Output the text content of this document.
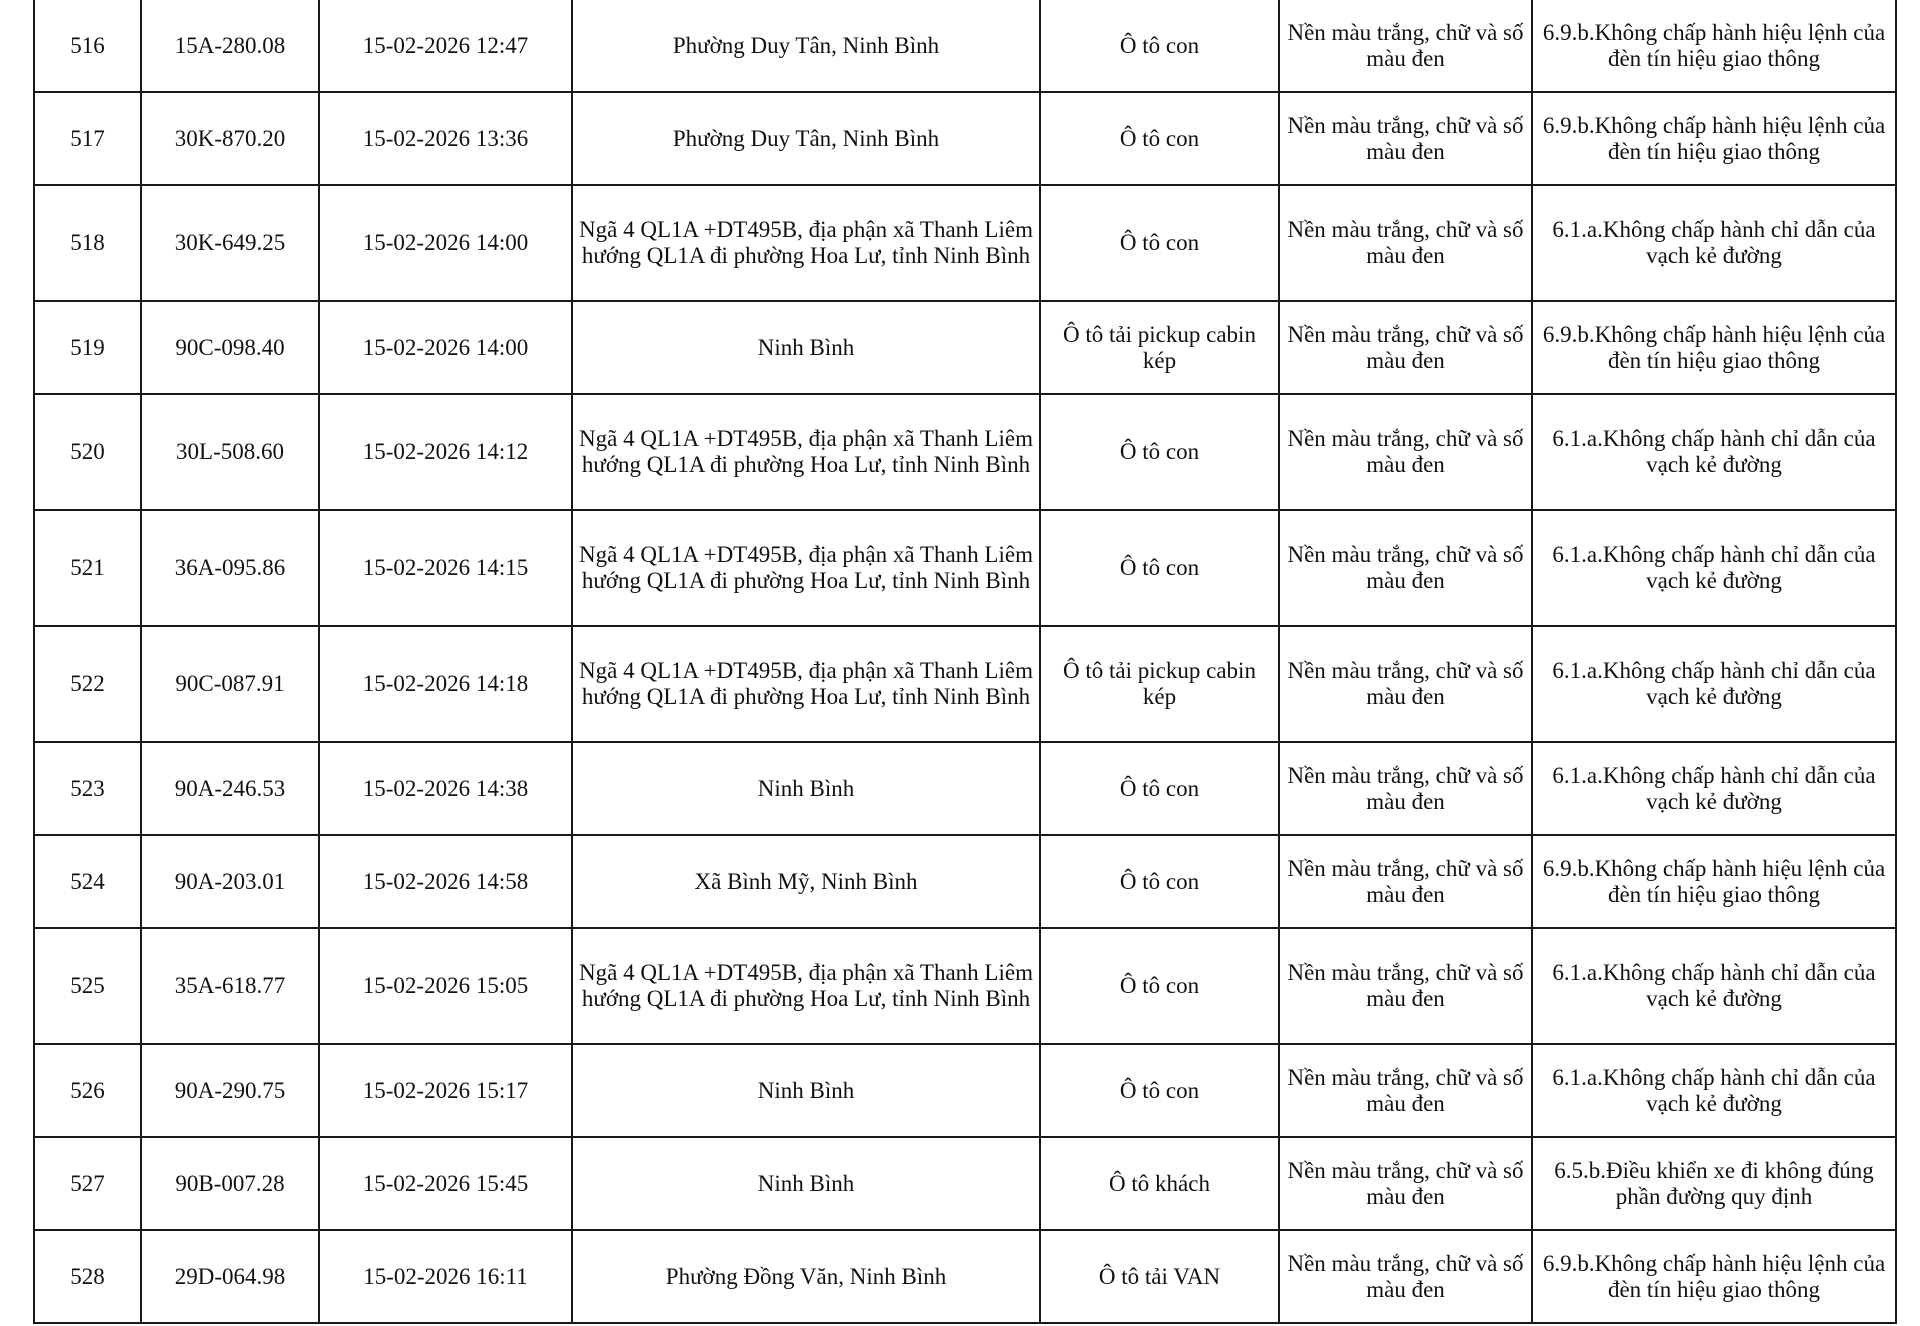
516	15A-280.08	15-02-2026 12:47	Phường Duy Tân, Ninh Bình	Ô tô con	Nền màu trắng, chữ và số màu đen	6.9.b.Không chấp hành hiệu lệnh của đèn tín hiệu giao thông
517	30K-870.20	15-02-2026 13:36	Phường Duy Tân, Ninh Bình	Ô tô con	Nền màu trắng, chữ và số màu đen	6.9.b.Không chấp hành hiệu lệnh của đèn tín hiệu giao thông
518	30K-649.25	15-02-2026 14:00	Ngã 4 QL1A +DT495B, địa phận xã Thanh Liêm hướng QL1A đi phường Hoa Lư, tỉnh Ninh Bình	Ô tô con	Nền màu trắng, chữ và số màu đen	6.1.a.Không chấp hành chỉ dẫn của vạch kẻ đường
519	90C-098.40	15-02-2026 14:00	Ninh Bình	Ô tô tải pickup cabin kép	Nền màu trắng, chữ và số màu đen	6.9.b.Không chấp hành hiệu lệnh của đèn tín hiệu giao thông
520	30L-508.60	15-02-2026 14:12	Ngã 4 QL1A +DT495B, địa phận xã Thanh Liêm hướng QL1A đi phường Hoa Lư, tỉnh Ninh Bình	Ô tô con	Nền màu trắng, chữ và số màu đen	6.1.a.Không chấp hành chỉ dẫn của vạch kẻ đường
521	36A-095.86	15-02-2026 14:15	Ngã 4 QL1A +DT495B, địa phận xã Thanh Liêm hướng QL1A đi phường Hoa Lư, tỉnh Ninh Bình	Ô tô con	Nền màu trắng, chữ và số màu đen	6.1.a.Không chấp hành chỉ dẫn của vạch kẻ đường
522	90C-087.91	15-02-2026 14:18	Ngã 4 QL1A +DT495B, địa phận xã Thanh Liêm hướng QL1A đi phường Hoa Lư, tỉnh Ninh Bình	Ô tô tải pickup cabin kép	Nền màu trắng, chữ và số màu đen	6.1.a.Không chấp hành chỉ dẫn của vạch kẻ đường
523	90A-246.53	15-02-2026 14:38	Ninh Bình	Ô tô con	Nền màu trắng, chữ và số màu đen	6.1.a.Không chấp hành chỉ dẫn của vạch kẻ đường
524	90A-203.01	15-02-2026 14:58	Xã Bình Mỹ, Ninh Bình	Ô tô con	Nền màu trắng, chữ và số màu đen	6.9.b.Không chấp hành hiệu lệnh của đèn tín hiệu giao thông
525	35A-618.77	15-02-2026 15:05	Ngã 4 QL1A +DT495B, địa phận xã Thanh Liêm hướng QL1A đi phường Hoa Lư, tỉnh Ninh Bình	Ô tô con	Nền màu trắng, chữ và số màu đen	6.1.a.Không chấp hành chỉ dẫn của vạch kẻ đường
526	90A-290.75	15-02-2026 15:17	Ninh Bình	Ô tô con	Nền màu trắng, chữ và số màu đen	6.1.a.Không chấp hành chỉ dẫn của vạch kẻ đường
527	90B-007.28	15-02-2026 15:45	Ninh Bình	Ô tô khách	Nền màu trắng, chữ và số màu đen	6.5.b.Điều khiển xe đi không đúng phần đường quy định
528	29D-064.98	15-02-2026 16:11	Phường Đồng Văn, Ninh Bình	Ô tô tải VAN	Nền màu trắng, chữ và số màu đen	6.9.b.Không chấp hành hiệu lệnh của đèn tín hiệu giao thông
